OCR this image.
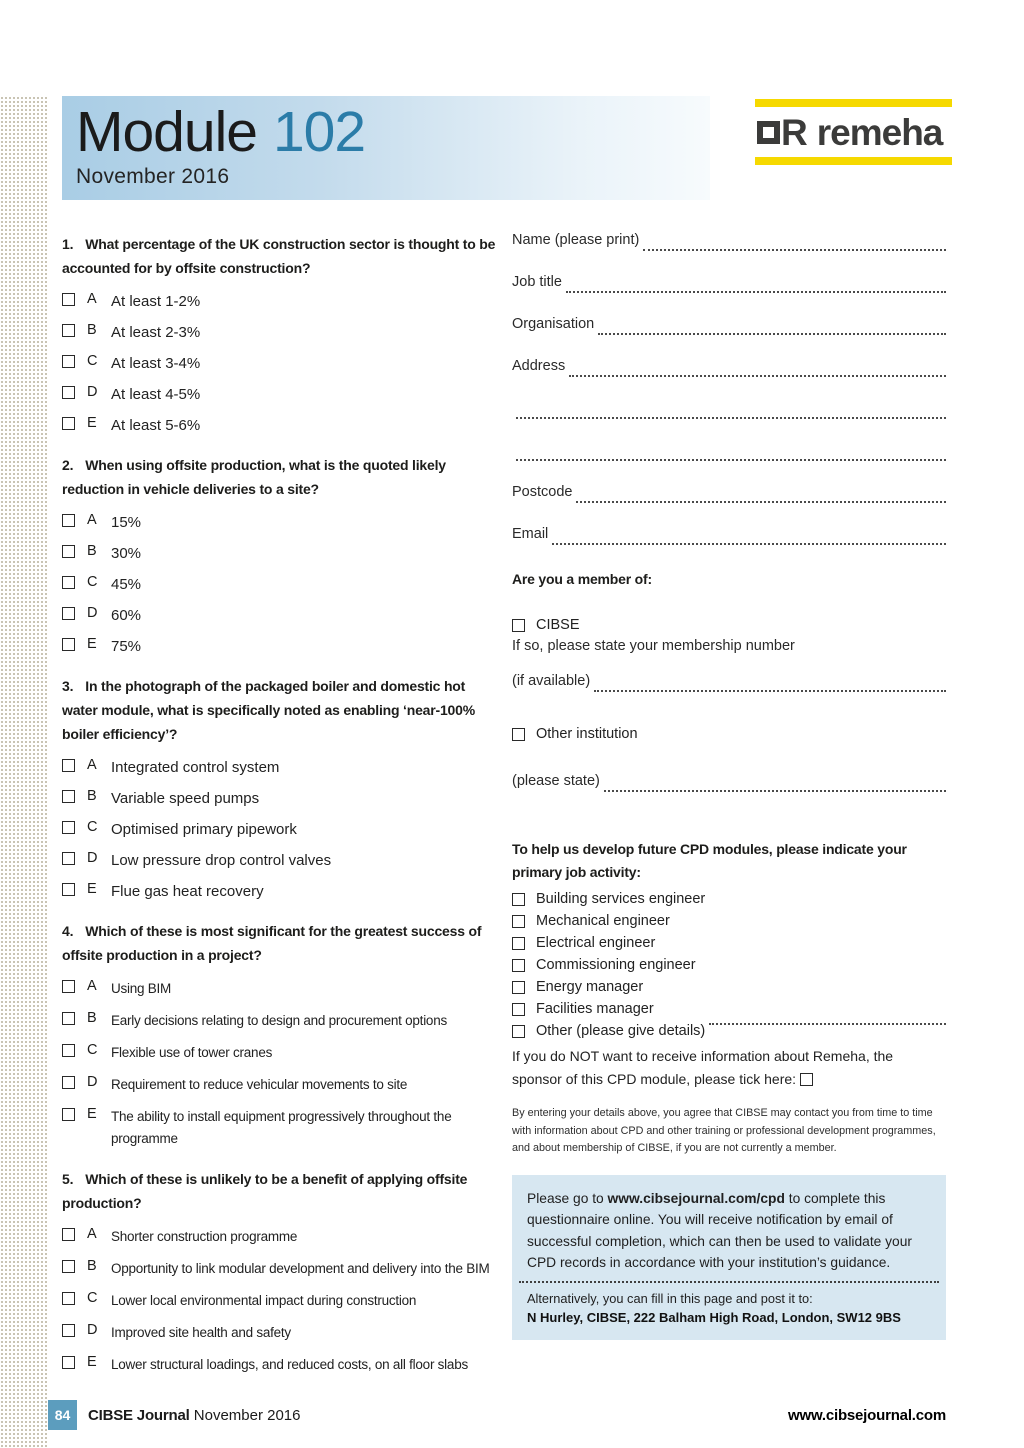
Module 102
November 2016
R remeha
1. What percentage of the UK construction sector is thought to be accounted for by offsite construction?
A At least 1-2%
B At least 2-3%
C At least 3-4%
D At least 4-5%
E At least 5-6%
2. When using offsite production, what is the quoted likely reduction in vehicle deliveries to a site?
A 15%
B 30%
C 45%
D 60%
E 75%
3. In the photograph of the packaged boiler and domestic hot water module, what is specifically noted as enabling ‘near-100% boiler efficiency’?
A Integrated control system
B Variable speed pumps
C Optimised primary pipework
D Low pressure drop control valves
E Flue gas heat recovery
4. Which of these is most significant for the greatest success of offsite production in a project?
A	Using BIM
B	Early decisions relating to design and procurement options
C	Flexible use of tower cranes
D	Requirement to reduce vehicular movements to site
E	The ability to install equipment progressively throughout the programme
5. Which of these is unlikely to be a benefit of applying offsite production?
A	Shorter construction programme
B	Opportunity to link modular development and delivery into the BIM
C	Lower local environmental impact during construction
D	Improved site health and safety
E	Lower structural loadings, and reduced costs, on all floor slabs
Name (please print)
Job title
Organisation
Address
Postcode
Email
Are you a member of:
CIBSE
If so, please state your membership number
(if available)
Other institution
(please state)
To help us develop future CPD modules, please indicate your primary job activity:
Building services engineer
Mechanical engineer
Electrical engineer
Commissioning engineer
Energy manager
Facilities manager
Other (please give details)
If you do NOT want to receive information about Remeha, the sponsor of this CPD module, please tick here:
By entering your details above, you agree that CIBSE may contact you from time to time with information about CPD and other training or professional development programmes, and about membership of CIBSE, if you are not currently a member.
Please go to www.cibsejournal.com/cpd to complete this questionnaire online. You will receive notification by email of successful completion, which can then be used to validate your CPD records in accordance with your institution’s guidance.
Alternatively, you can fill in this page and post it to:
N Hurley, CIBSE, 222 Balham High Road, London, SW12 9BS
84	CIBSE Journal November 2016	www.cibsejournal.com
